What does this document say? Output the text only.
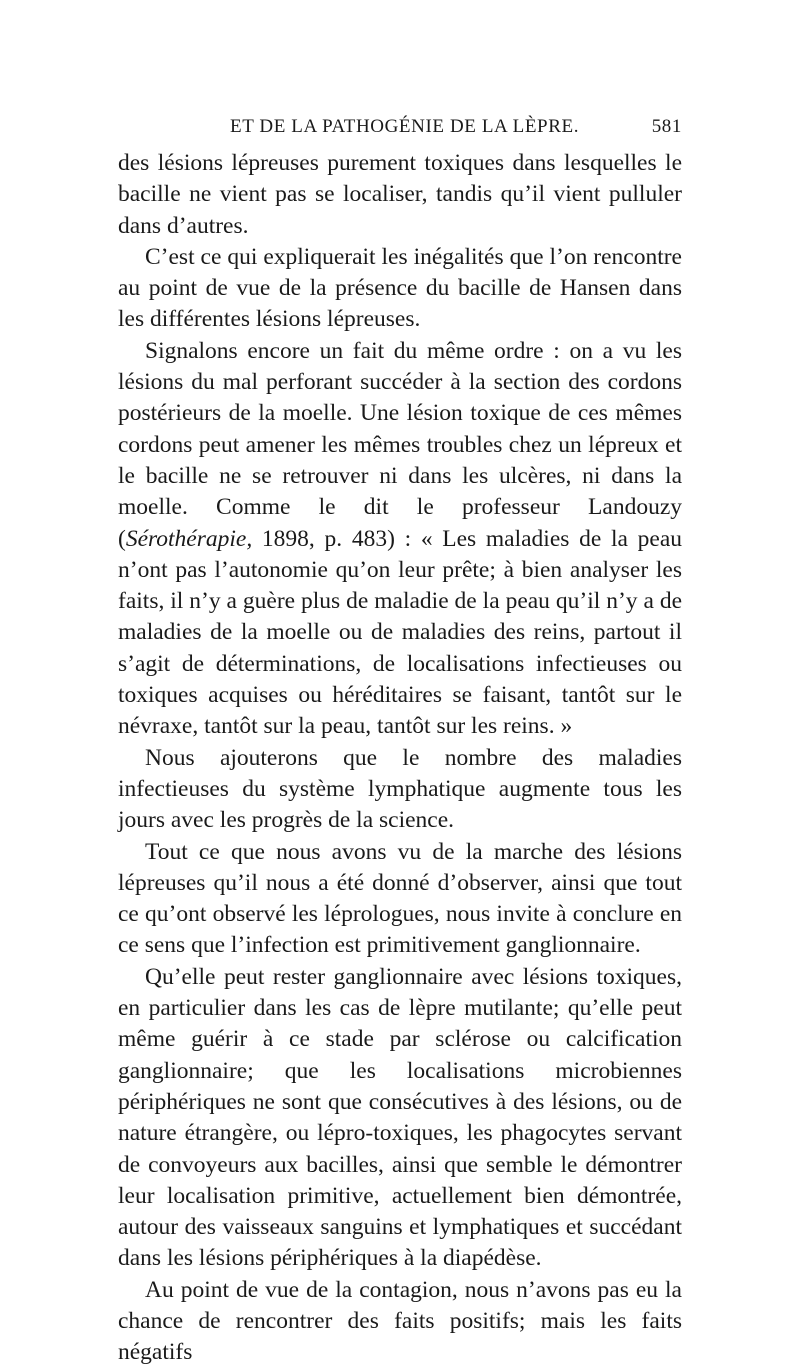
ET DE LA PATHOGÉNIE DE LA LÈPRE.	581

des lésions lépreuses purement toxiques dans lesquelles le bacille ne vient pas se localiser, tandis qu’il vient pulluler dans d’autres.

C’est ce qui expliquerait les inégalités que l’on rencontre au point de vue de la présence du bacille de Hansen dans les différentes lésions lépreuses.

Signalons encore un fait du même ordre : on a vu les lésions du mal perforant succéder à la section des cordons postérieurs de la moelle. Une lésion toxique de ces mêmes cordons peut amener les mêmes troubles chez un lépreux et le bacille ne se retrouver ni dans les ulcères, ni dans la moelle. Comme le dit le professeur Landouzy (Sérothérapie, 1898, p. 483) : « Les maladies de la peau n’ont pas l’autonomie qu’on leur prête; à bien analyser les faits, il n’y a guère plus de maladie de la peau qu’il n’y a de maladies de la moelle ou de maladies des reins, partout il s’agit de déterminations, de localisations infectieuses ou toxiques acquises ou héréditaires se faisant, tantôt sur le névraxe, tantôt sur la peau, tantôt sur les reins. »

Nous ajouterons que le nombre des maladies infectieuses du système lymphatique augmente tous les jours avec les progrès de la science.

Tout ce que nous avons vu de la marche des lésions lépreuses qu’il nous a été donné d’observer, ainsi que tout ce qu’ont observé les léprologues, nous invite à conclure en ce sens que l’infection est primitivement ganglionnaire.

Qu’elle peut rester ganglionnaire avec lésions toxiques, en particulier dans les cas de lèpre mutilante; qu’elle peut même guérir à ce stade par sclérose ou calcification ganglionnaire; que les localisations microbiennes périphériques ne sont que consécutives à des lésions, ou de nature étrangère, ou lépro-toxiques, les phagocytes servant de convoyeurs aux bacilles, ainsi que semble le démontrer leur localisation primitive, actuellement bien démontrée, autour des vaisseaux sanguins et lymphatiques et succédant dans les lésions périphériques à la diapédèse.

Au point de vue de la contagion, nous n’avons pas eu la chance de rencontrer des faits positifs; mais les faits négatifs
